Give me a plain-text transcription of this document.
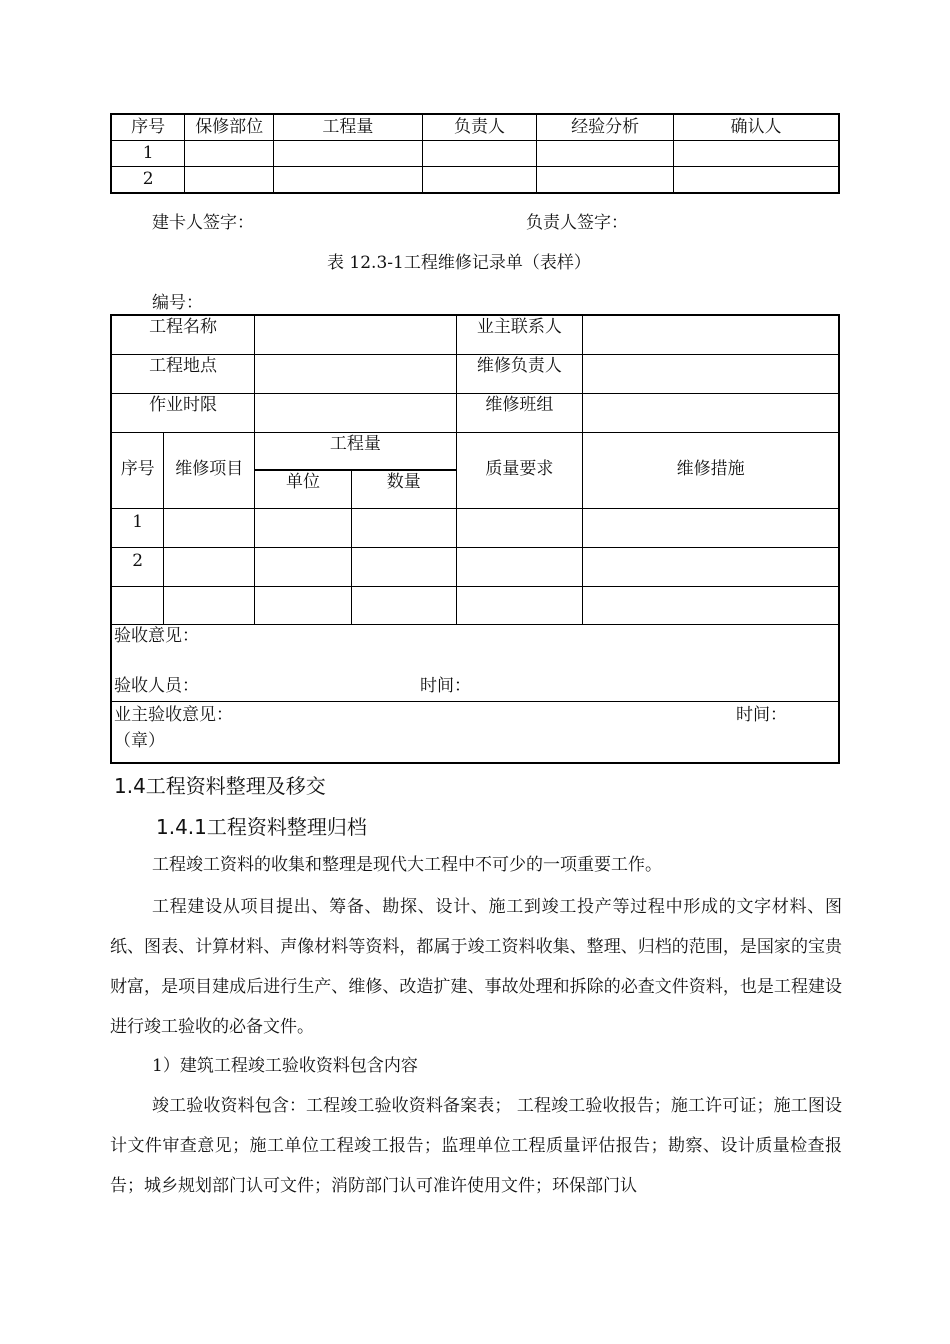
序号	保修部位	工程量	负责人	经验分析	确认人
1					
2					
建卡人签字：	负责人签字：
表 12.3-1工程维修记录单（表样）
编号：
工程名称				业主联系人	
工程地点				维修负责人	
作业时限				维修班组	
序号	维修项目	工程量		质量要求	维修措施
		单位	数量		
1					
2					

验收意见：
验收人员： 时间：					

业主验收意见： 时间：
（章）					
1.4工程资料整理及移交
1.4.1工程资料整理归档
工程竣工资料的收集和整理是现代大工程中不可少的一项重要工作。
工程建设从项目提出、筹备、勘探、设计、施工到竣工投产等过程中形成的文字材料、图纸、图表、计算材料、声像材料等资料，都属于竣工资料收集、整理、归档的范围，是国家的宝贵财富，是项目建成后进行生产、维修、改造扩建、事故处理和拆除的必查文件资料，也是工程建设进行竣工验收的必备文件。
1）建筑工程竣工验收资料包含内容
竣工验收资料包含：工程竣工验收资料备案表； 工程竣工验收报告；施工许可证；施工图设计文件审查意见；施工单位工程竣工报告；监理单位工程质量评估报告；勘察、设计质量检查报告；城乡规划部门认可文件；消防部门认可准许使用文件；环保部门认
